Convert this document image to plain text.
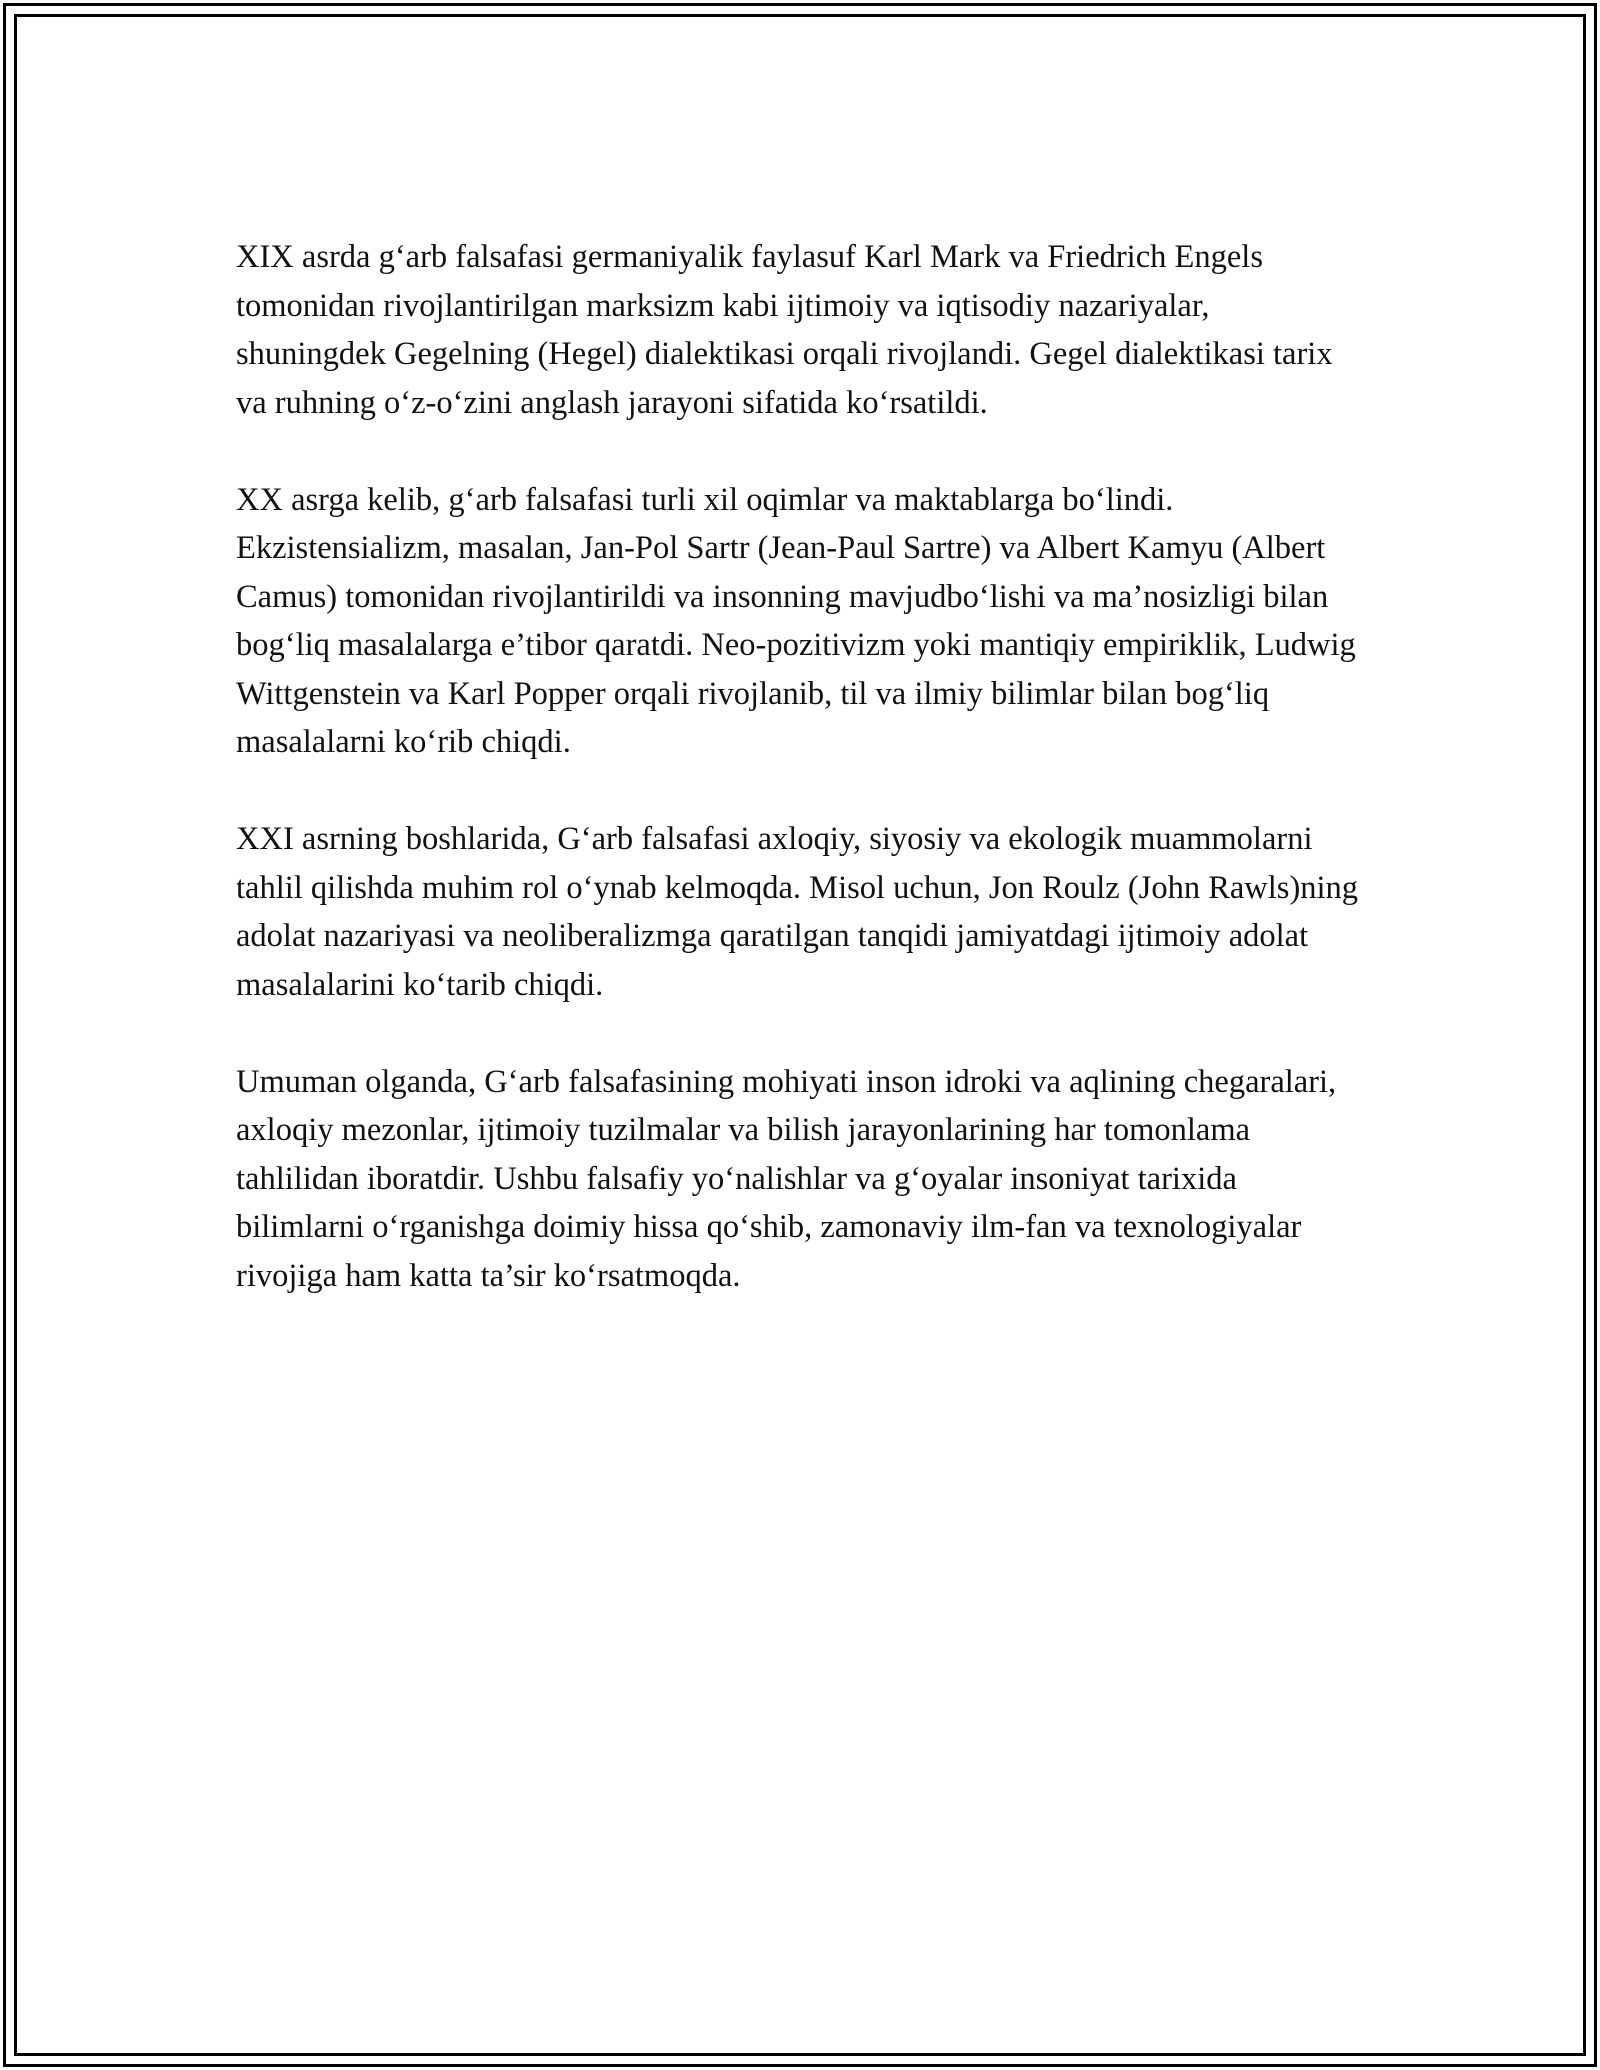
XIX asrda g‘arb falsafasi germaniyalik faylasuf Karl Mark va Friedrich Engels tomonidan rivojlantirilgan marksizm kabi ijtimoiy va iqtisodiy nazariyalar, shuningdek Gegelning (Hegel) dialektikasi orqali rivojlandi. Gegel dialektikasi tarix va ruhning o‘z-o‘zini anglash jarayoni sifatida ko‘rsatildi.

XX asrga kelib, g‘arb falsafasi turli xil oqimlar va maktablarga bo‘lindi. Ekzistensializm, masalan, Jan-Pol Sartr (Jean-Paul Sartre) va Albert Kamyu (Albert Camus) tomonidan rivojlantirildi va insonning mavjudbo‘lishi va ma’nosizligi bilan bog‘liq masalalarga e’tibor qaratdi. Neo-pozitivizm yoki mantiqiy empiriklik, Ludwig Wittgenstein va Karl Popper orqali rivojlanib, til va ilmiy bilimlar bilan bog‘liq masalalarni ko‘rib chiqdi.

XXI asrning boshlarida, G‘arb falsafasi axloqiy, siyosiy va ekologik muammolarni tahlil qilishda muhim rol o‘ynab kelmoqda. Misol uchun, Jon Roulz (John Rawls)ning adolat nazariyasi va neoliberalizmga qaratilgan tanqidi jamiyatdagi ijtimoiy adolat masalalarini ko‘tarib chiqdi.

Umuman olganda, G‘arb falsafasining mohiyati inson idroki va aqlining chegaralari, axloqiy mezonlar, ijtimoiy tuzilmalar va bilish jarayonlarining har tomonlama tahlilidan iboratdir. Ushbu falsafiy yo‘nalishlar va g‘oyalar insoniyat tarixida bilimlarni o‘rganishga doimiy hissa qo‘shib, zamonaviy ilm-fan va texnologiyalar rivojiga ham katta ta’sir ko‘rsatmoqda.
